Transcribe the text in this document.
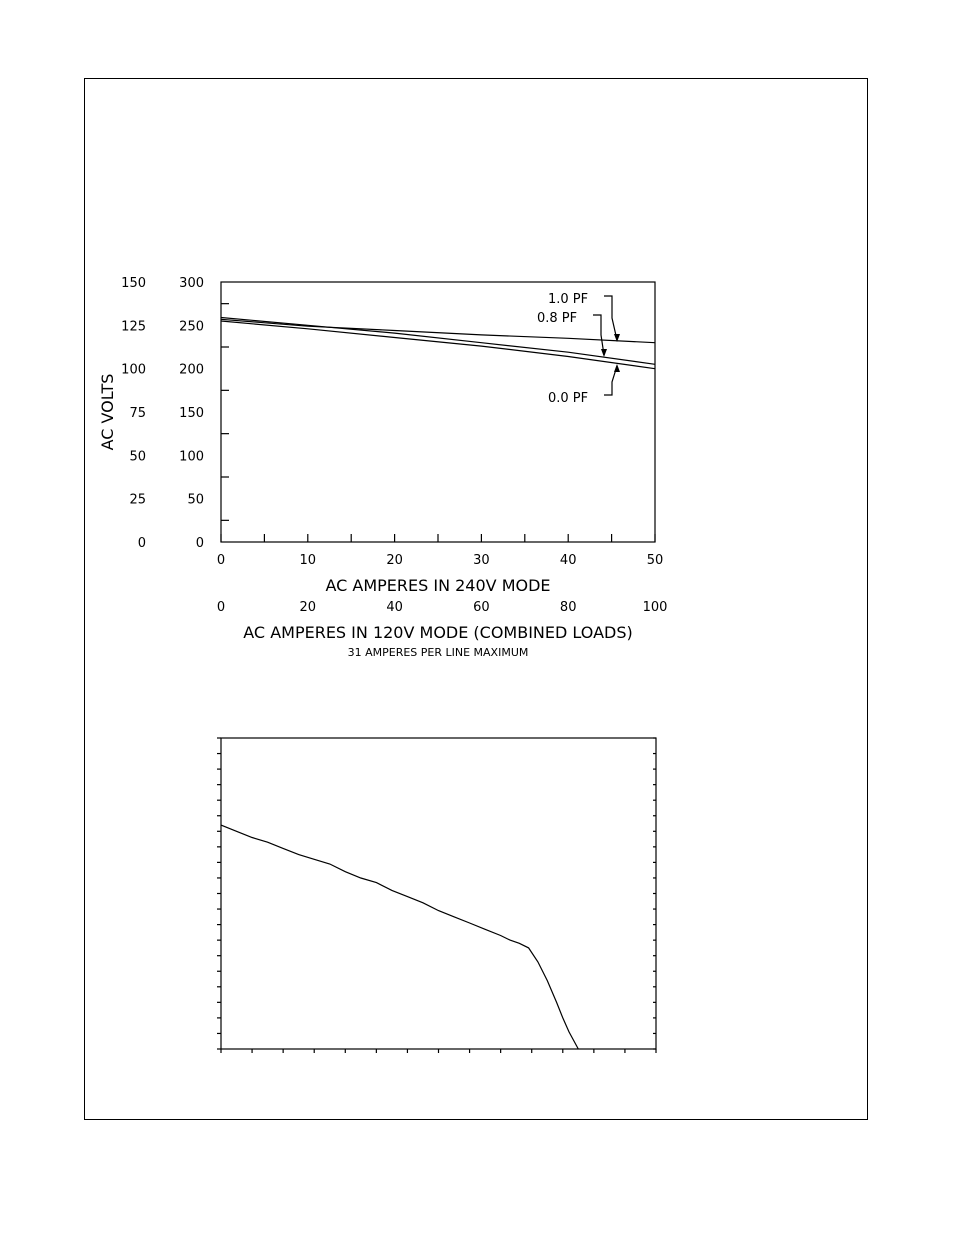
300
150
250
125
200
100
150
75
100
50
50
25
0
0
0
0
10
20
20
40
30
60
40
80
50
100
AC VOLTS
AC AMPERES IN 240V MODE
AC AMPERES IN 120V MODE (COMBINED LOADS)
31 AMPERES PER LINE MAXIMUM
1.0 PF
0.8 PF
0.0 PF
